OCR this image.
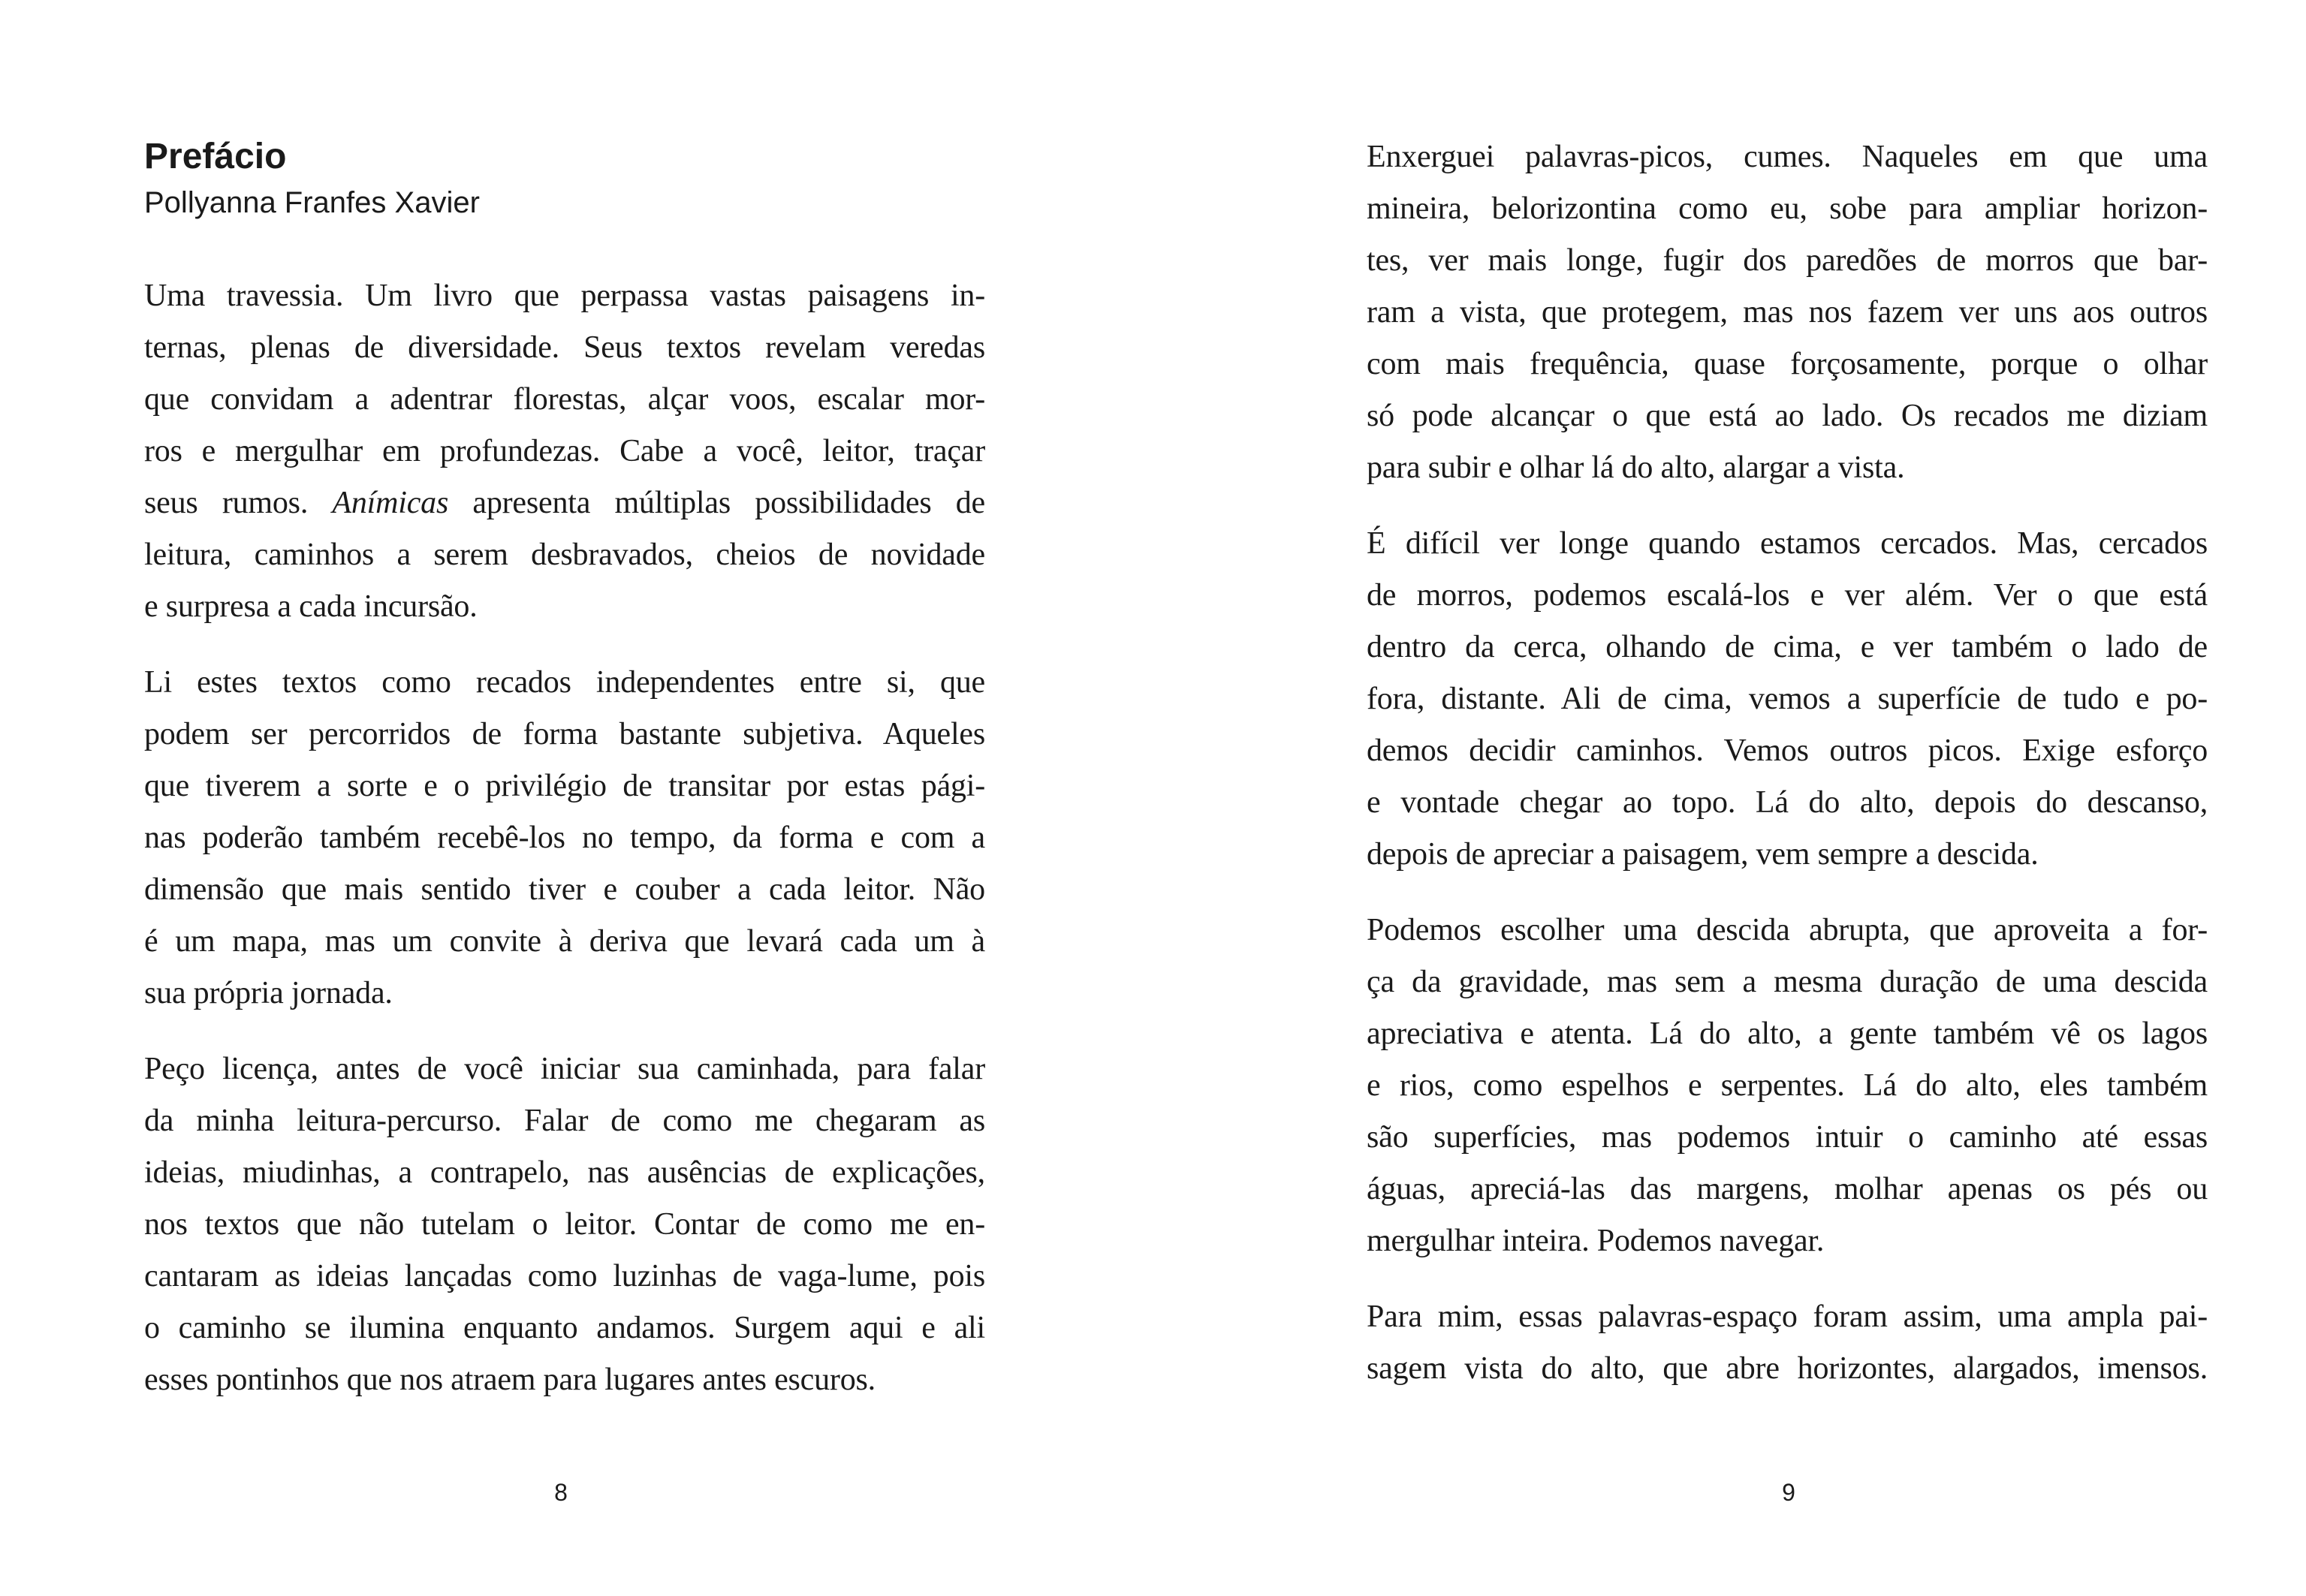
Prefácio
Pollyanna Franfes Xavier

Uma travessia. Um livro que perpassa vastas paisagens in-
ternas, plenas de diversidade. Seus textos revelam veredas
que convidam a adentrar florestas, alçar voos, escalar mor-
ros e mergulhar em profundezas. Cabe a você, leitor, traçar
seus rumos. Anímicas apresenta múltiplas possibilidades de
leitura, caminhos a serem desbravados, cheios de novidade
e surpresa a cada incursão.

Li estes textos como recados independentes entre si, que
podem ser percorridos de forma bastante subjetiva. Aqueles
que tiverem a sorte e o privilégio de transitar por estas pági-
nas poderão também recebê-los no tempo, da forma e com a
dimensão que mais sentido tiver e couber a cada leitor. Não
é um mapa, mas um convite à deriva que levará cada um à
sua própria jornada.

Peço licença, antes de você iniciar sua caminhada, para falar
da minha leitura-percurso. Falar de como me chegaram as
ideias, miudinhas, a contrapelo, nas ausências de explicações,
nos textos que não tutelam o leitor. Contar de como me en-
cantaram as ideias lançadas como luzinhas de vaga-lume, pois
o caminho se ilumina enquanto andamos. Surgem aqui e ali
esses pontinhos que nos atraem para lugares antes escuros.

8

Enxerguei palavras-picos, cumes. Naqueles em que uma
mineira, belorizontina como eu, sobe para ampliar horizon-
tes, ver mais longe, fugir dos paredões de morros que bar-
ram a vista, que protegem, mas nos fazem ver uns aos outros
com mais frequência, quase forçosamente, porque o olhar
só pode alcançar o que está ao lado. Os recados me diziam
para subir e olhar lá do alto, alargar a vista.

É difícil ver longe quando estamos cercados. Mas, cercados
de morros, podemos escalá-los e ver além. Ver o que está
dentro da cerca, olhando de cima, e ver também o lado de
fora, distante. Ali de cima, vemos a superfície de tudo e po-
demos decidir caminhos. Vemos outros picos. Exige esforço
e vontade chegar ao topo. Lá do alto, depois do descanso,
depois de apreciar a paisagem, vem sempre a descida.

Podemos escolher uma descida abrupta, que aproveita a for-
ça da gravidade, mas sem a mesma duração de uma descida
apreciativa e atenta. Lá do alto, a gente também vê os lagos
e rios, como espelhos e serpentes. Lá do alto, eles também
são superfícies, mas podemos intuir o caminho até essas
águas, apreciá-las das margens, molhar apenas os pés ou
mergulhar inteira. Podemos navegar.

Para mim, essas palavras-espaço foram assim, uma ampla pai-
sagem vista do alto, que abre horizontes, alargados, imensos.

9
